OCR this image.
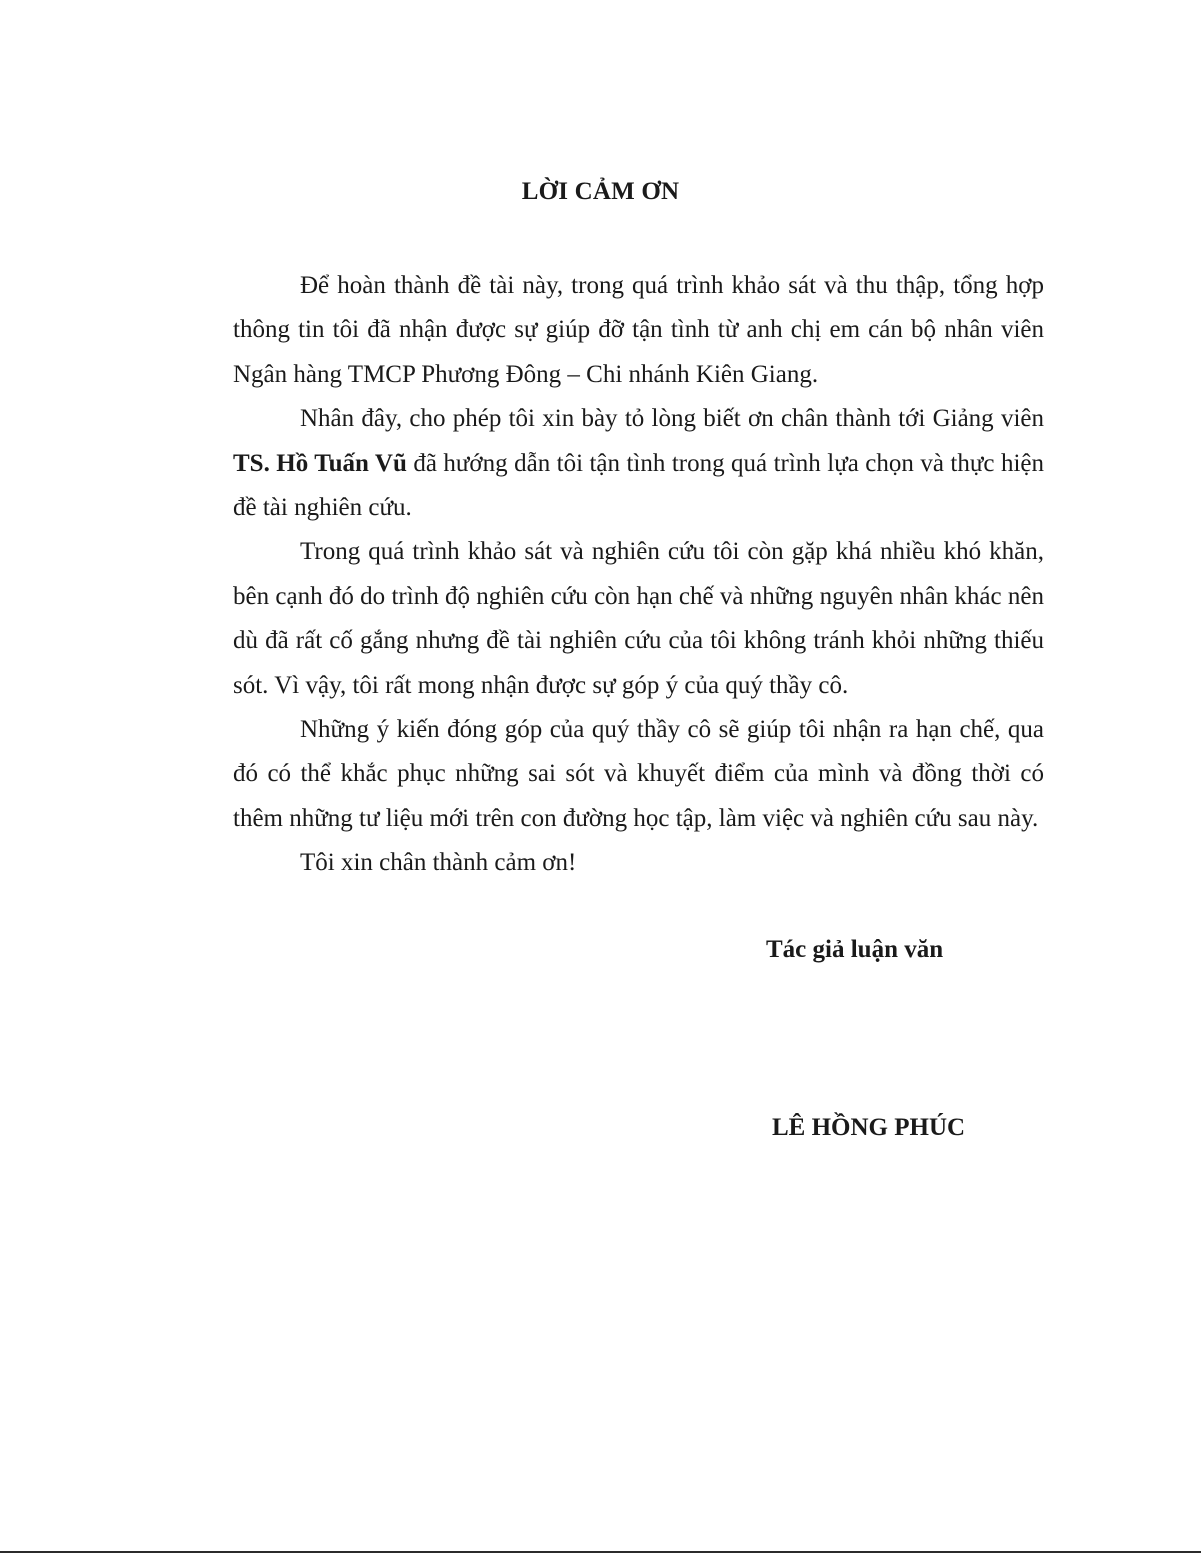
LỜI CẢM ƠN

Để hoàn thành đề tài này, trong quá trình khảo sát và thu thập, tổng hợp thông tin tôi đã nhận được sự giúp đỡ tận tình từ anh chị em cán bộ nhân viên Ngân hàng TMCP Phương Đông – Chi nhánh Kiên Giang.

Nhân đây, cho phép tôi xin bày tỏ lòng biết ơn chân thành tới Giảng viên TS. Hồ Tuấn Vũ đã hướng dẫn tôi tận tình trong quá trình lựa chọn và thực hiện đề tài nghiên cứu.

Trong quá trình khảo sát và nghiên cứu tôi còn gặp khá nhiều khó khăn, bên cạnh đó do trình độ nghiên cứu còn hạn chế và những nguyên nhân khác nên dù đã rất cố gắng nhưng đề tài nghiên cứu của tôi không tránh khỏi những thiếu sót. Vì vậy, tôi rất mong nhận được sự góp ý của quý thầy cô.

Những ý kiến đóng góp của quý thầy cô sẽ giúp tôi nhận ra hạn chế, qua đó có thể khắc phục những sai sót và khuyết điểm của mình và đồng thời có thêm những tư liệu mới trên con đường học tập, làm việc và nghiên cứu sau này.

Tôi xin chân thành cảm ơn!

Tác giả luận văn

LÊ HỒNG PHÚC
